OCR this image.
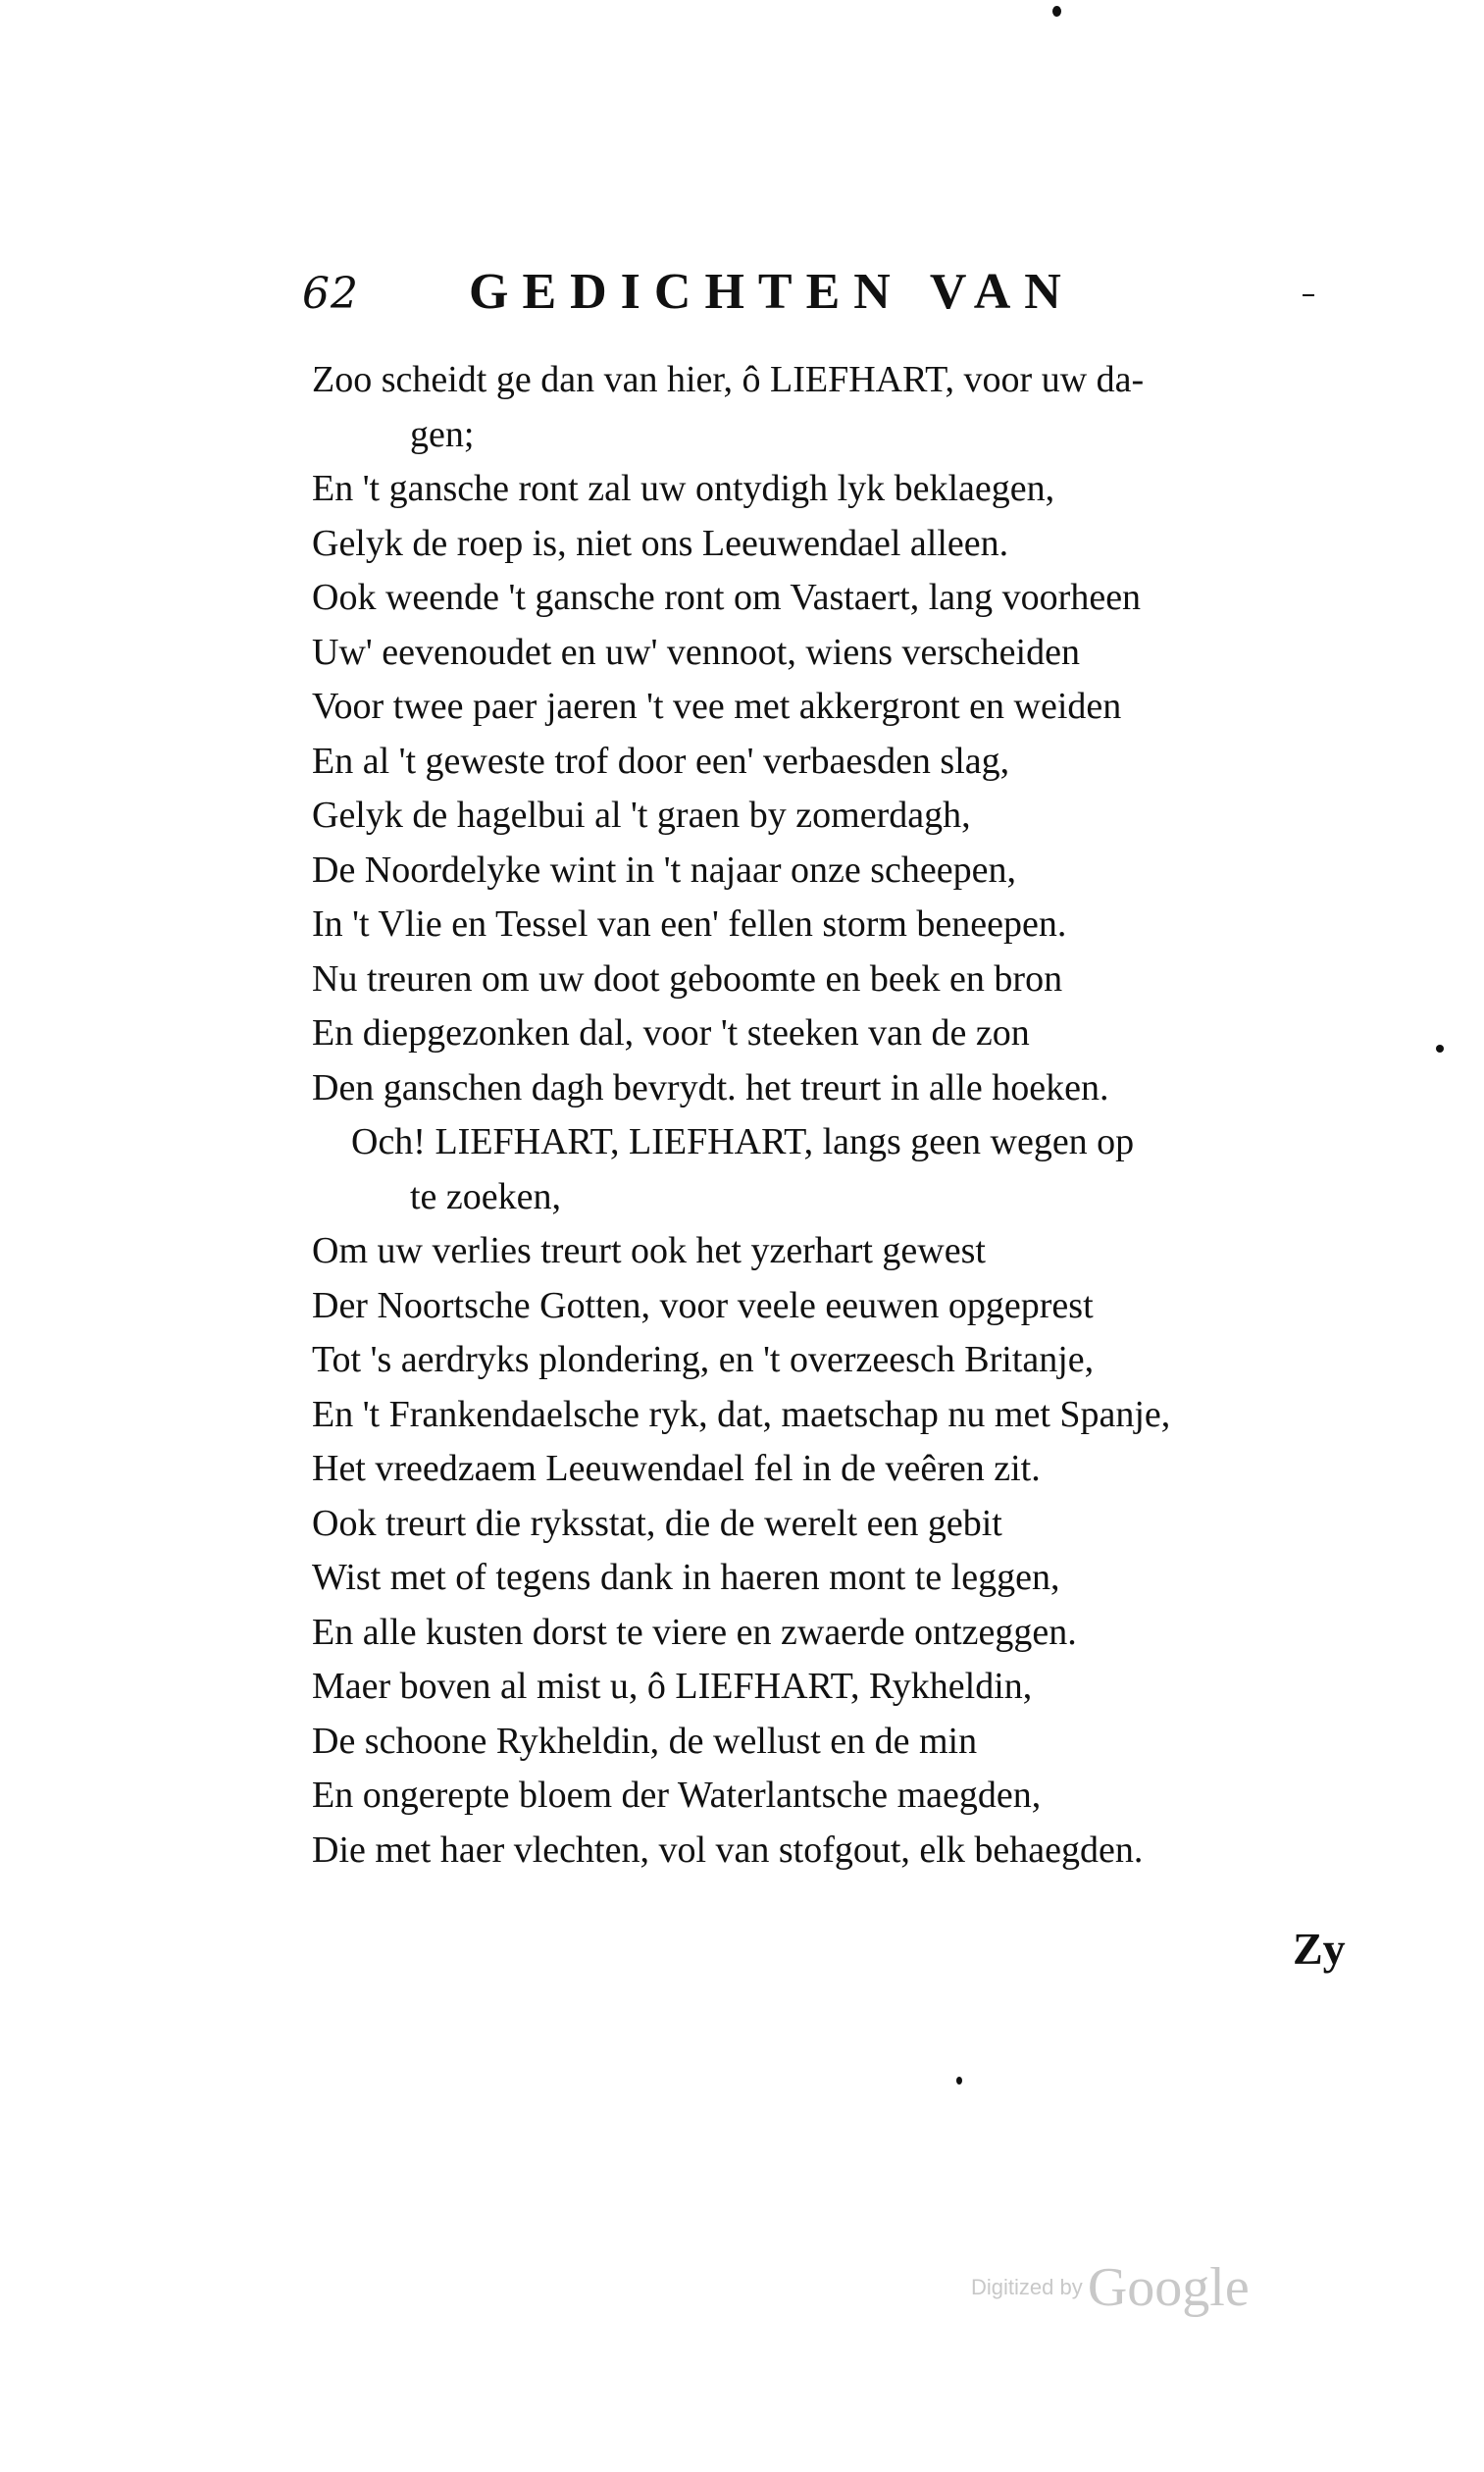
62 GEDICHTEN VAN
Zoo scheidt ge dan van hier, ô LIEFHART, voor uw da-
gen;
En 't gansche ront zal uw ontydigh lyk beklaegen,
Gelyk de roep is, niet ons Leeuwendael alleen.
Ook weende 't gansche ront om Vastaert, lang voorheen
Uw' eevenoudet en uw' vennoot, wiens verscheiden
Voor twee paer jaeren 't vee met akkergront en weiden
En al 't geweste trof door een' verbaesden slag,
Gelyk de hagelbui al 't graen by zomerdagh,
De Noordelyke wint in 't najaar onze scheepen,
In 't Vlie en Tessel van een' fellen storm beneepen.
Nu treuren om uw doot geboomte en beek en bron
En diepgezonken dal, voor 't steeken van de zon
Den ganschen dagh bevrydt. het treurt in alle hoeken.
Och! LIEFHART, LIEFHART, langs geen wegen op
te zoeken,
Om uw verlies treurt ook het yzerhart gewest
Der Noortsche Gotten, voor veele eeuwen opgeprest
Tot 's aerdryks plondering, en 't overzeesch Britanje,
En 't Frankendaelsche ryk, dat, maetschap nu met Spanje,
Het vreedzaem Leeuwendael fel in de veêren zit.
Ook treurt die ryksstat, die de werelt een gebit
Wist met of tegens dank in haeren mont te leggen,
En alle kusten dorst te viere en zwaerde ontzeggen.
Maer boven al mist u, ô LIEFHART, Rykheldin,
De schoone Rykheldin, de wellust en de min
En ongerepte bloem der Waterlantsche maegden,
Die met haer vlechten, vol van stofgout, elk behaegden.
Zy
Digitized by Google
